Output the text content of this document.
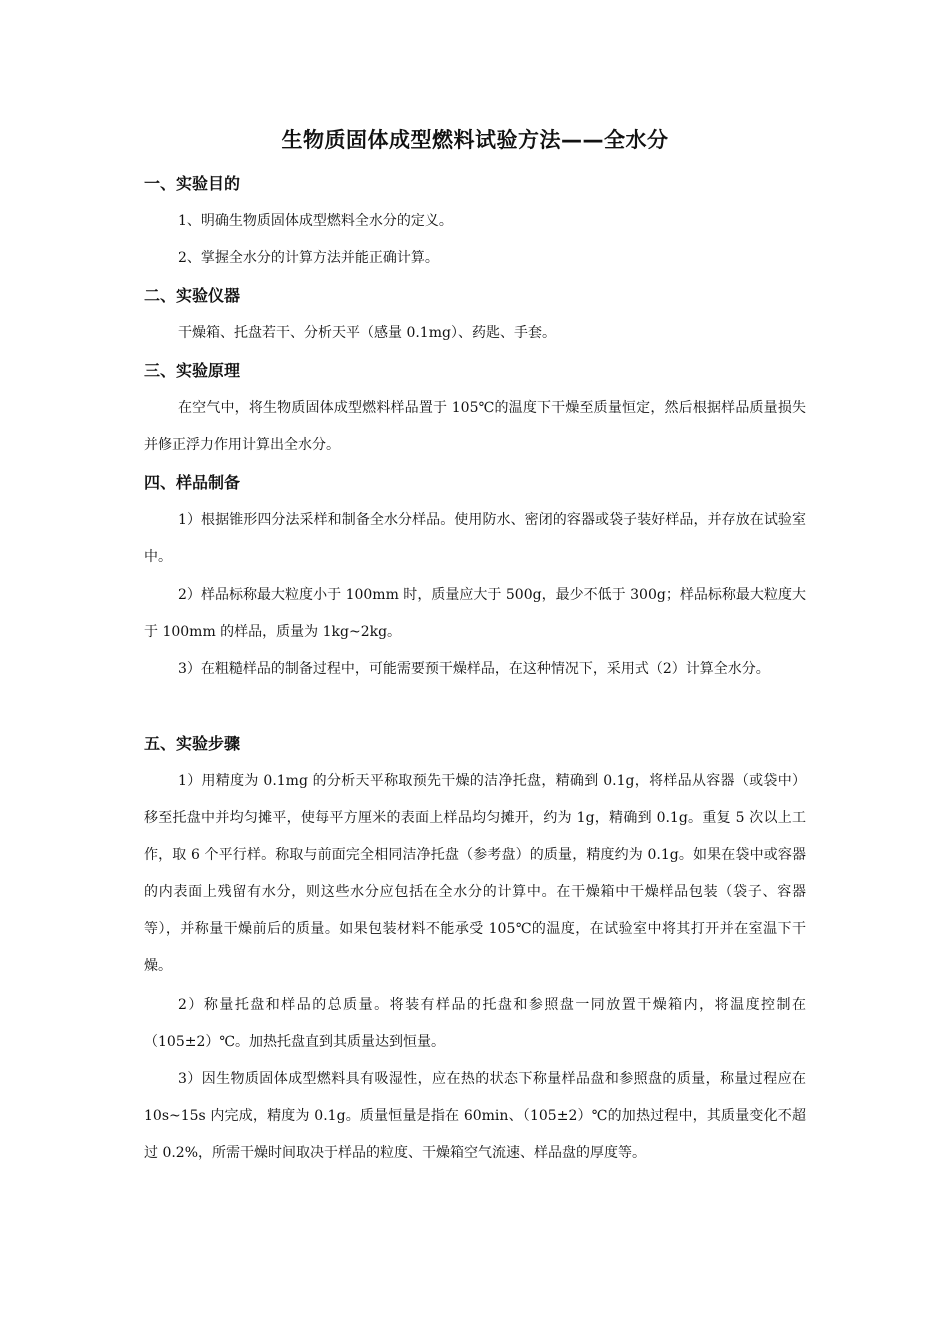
生物质固体成型燃料试验方法——全水分
一、实验目的

1、明确生物质固体成型燃料全水分的定义。

2、掌握全水分的计算方法并能正确计算。

二、实验仪器

干燥箱、托盘若干、分析天平（感量 0.1mg）、药匙、手套。

三、实验原理

在空气中，将生物质固体成型燃料样品置于 105℃的温度下干燥至质量恒定，然后根据样品质量损失并修正浮力作用计算出全水分。

四、样品制备

1）根据锥形四分法采样和制备全水分样品。使用防水、密闭的容器或袋子装好样品，并存放在试验室中。

2）样品标称最大粒度小于 100mm 时，质量应大于 500g，最少不低于 300g；样品标称最大粒度大于 100mm 的样品，质量为 1kg~2kg。

3）在粗糙样品的制备过程中，可能需要预干燥样品，在这种情况下，采用式（2）计算全水分。

五、实验步骤

1）用精度为 0.1mg 的分析天平称取预先干燥的洁净托盘，精确到 0.1g，将样品从容器（或袋中）移至托盘中并均匀摊平，使每平方厘米的表面上样品均匀摊开，约为 1g，精确到 0.1g。重复 5 次以上工作，取 6 个平行样。称取与前面完全相同洁净托盘（参考盘）的质量，精度约为 0.1g。如果在袋中或容器的内表面上残留有水分，则这些水分应包括在全水分的计算中。在干燥箱中干燥样品包装（袋子、容器等），并称量干燥前后的质量。如果包装材料不能承受 105℃的温度，在试验室中将其打开并在室温下干燥。

2）称量托盘和样品的总质量。将装有样品的托盘和参照盘一同放置干燥箱内，将温度控制在（105±2）℃。加热托盘直到其质量达到恒量。

3）因生物质固体成型燃料具有吸湿性，应在热的状态下称量样品盘和参照盘的质量，称量过程应在 10s~15s 内完成，精度为 0.1g。质量恒量是指在 60min、（105±2）℃的加热过程中，其质量变化不超过 0.2%，所需干燥时间取决于样品的粒度、干燥箱空气流速、样品盘的厚度等。
